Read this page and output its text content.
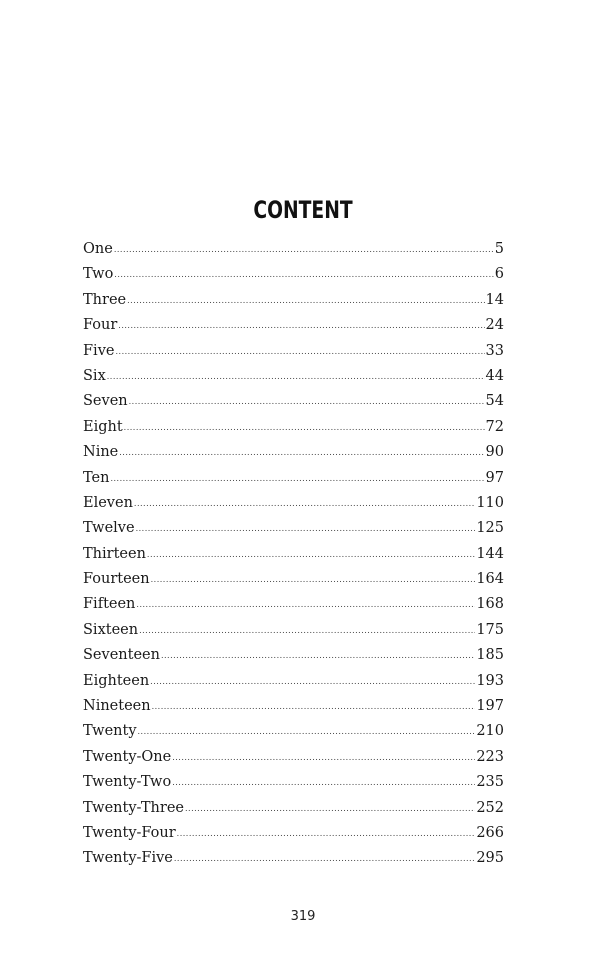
CONTENT
One .....	5
Two .....	6
Three .....	14
Four .....	24
Five .....	33
Six .....	44
Seven .....	54
Eight .....	72
Nine .....	90
Ten .....	97
Eleven .....	110
Twelve .....	125
Thirteen .....	144
Fourteen .....	164
Fifteen .....	168
Sixteen .....	175
Seventeen .....	185
Eighteen .....	193
Nineteen .....	197
Twenty .....	210
Twenty-One .....	223
Twenty-Two .....	235
Twenty-Three .....	252
Twenty-Four .....	266
Twenty-Five .....	295
319
